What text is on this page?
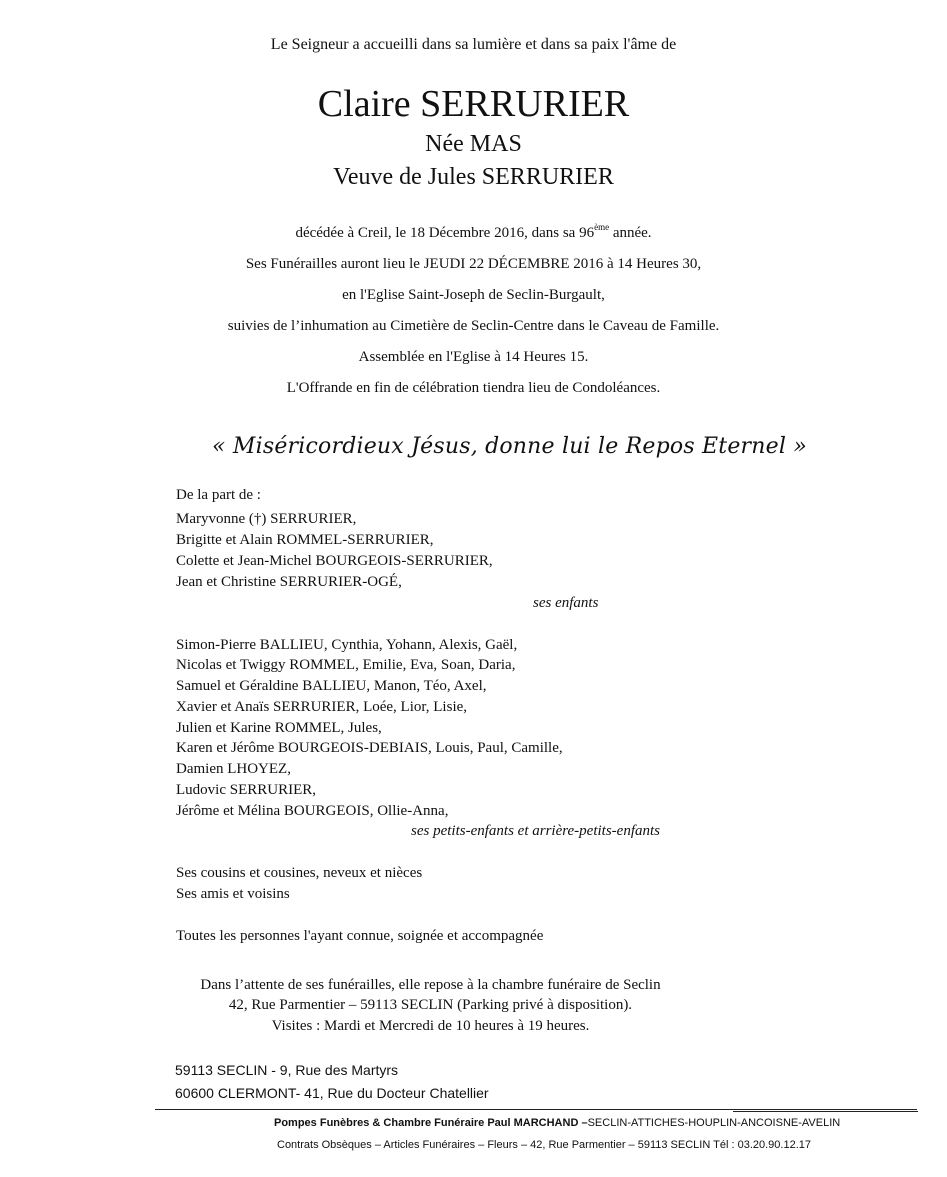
Le Seigneur a accueilli dans sa lumière et dans sa paix l'âme de
Claire SERRURIER
Née MAS
Veuve de Jules SERRURIER
décédée à Creil, le 18 Décembre 2016, dans sa 96ème année.
Ses Funérailles auront lieu le JEUDI 22 DÉCEMBRE 2016 à 14 Heures 30,
en l'Eglise Saint-Joseph de Seclin-Burgault,
suivies de l’inhumation au Cimetière de Seclin-Centre dans le Caveau de Famille.
Assemblée en l'Eglise à 14 Heures 15.
L'Offrande en fin de célébration tiendra lieu de Condoléances.
« Miséricordieux Jésus, donne lui le Repos Eternel »
De la part de :
Maryvonne (†) SERRURIER,
Brigitte et Alain ROMMEL-SERRURIER,
Colette et Jean-Michel BOURGEOIS-SERRURIER,
Jean et Christine SERRURIER-OGÉ,
ses enfants
Simon-Pierre BALLIEU, Cynthia, Yohann, Alexis, Gaël,
Nicolas et Twiggy ROMMEL, Emilie, Eva, Soan, Daria,
Samuel et Géraldine BALLIEU, Manon, Téo, Axel,
Xavier et Anaïs SERRURIER, Loée, Lior, Lisie,
Julien et Karine ROMMEL, Jules,
Karen et Jérôme BOURGEOIS-DEBIAIS, Louis, Paul, Camille,
Damien LHOYEZ,
Ludovic SERRURIER,
Jérôme et Mélina BOURGEOIS, Ollie-Anna,
ses petits-enfants et arrière-petits-enfants
Ses cousins et cousines, neveux et nièces
Ses amis et voisins
Toutes les personnes l'ayant connue, soignée et accompagnée
Dans l’attente de ses funérailles, elle repose à la chambre funéraire de Seclin
42, Rue Parmentier – 59113 SECLIN (Parking privé à disposition).
Visites : Mardi et Mercredi de 10 heures à 19 heures.
59113 SECLIN - 9, Rue des Martyrs
60600 CLERMONT- 41, Rue du Docteur Chatellier
Pompes Funèbres & Chambre Funéraire Paul MARCHAND –SECLIN-ATTICHES-HOUPLIN-ANCOISNE-AVELIN
Contrats Obsèques – Articles Funéraires – Fleurs – 42, Rue Parmentier – 59113 SECLIN Tél : 03.20.90.12.17
